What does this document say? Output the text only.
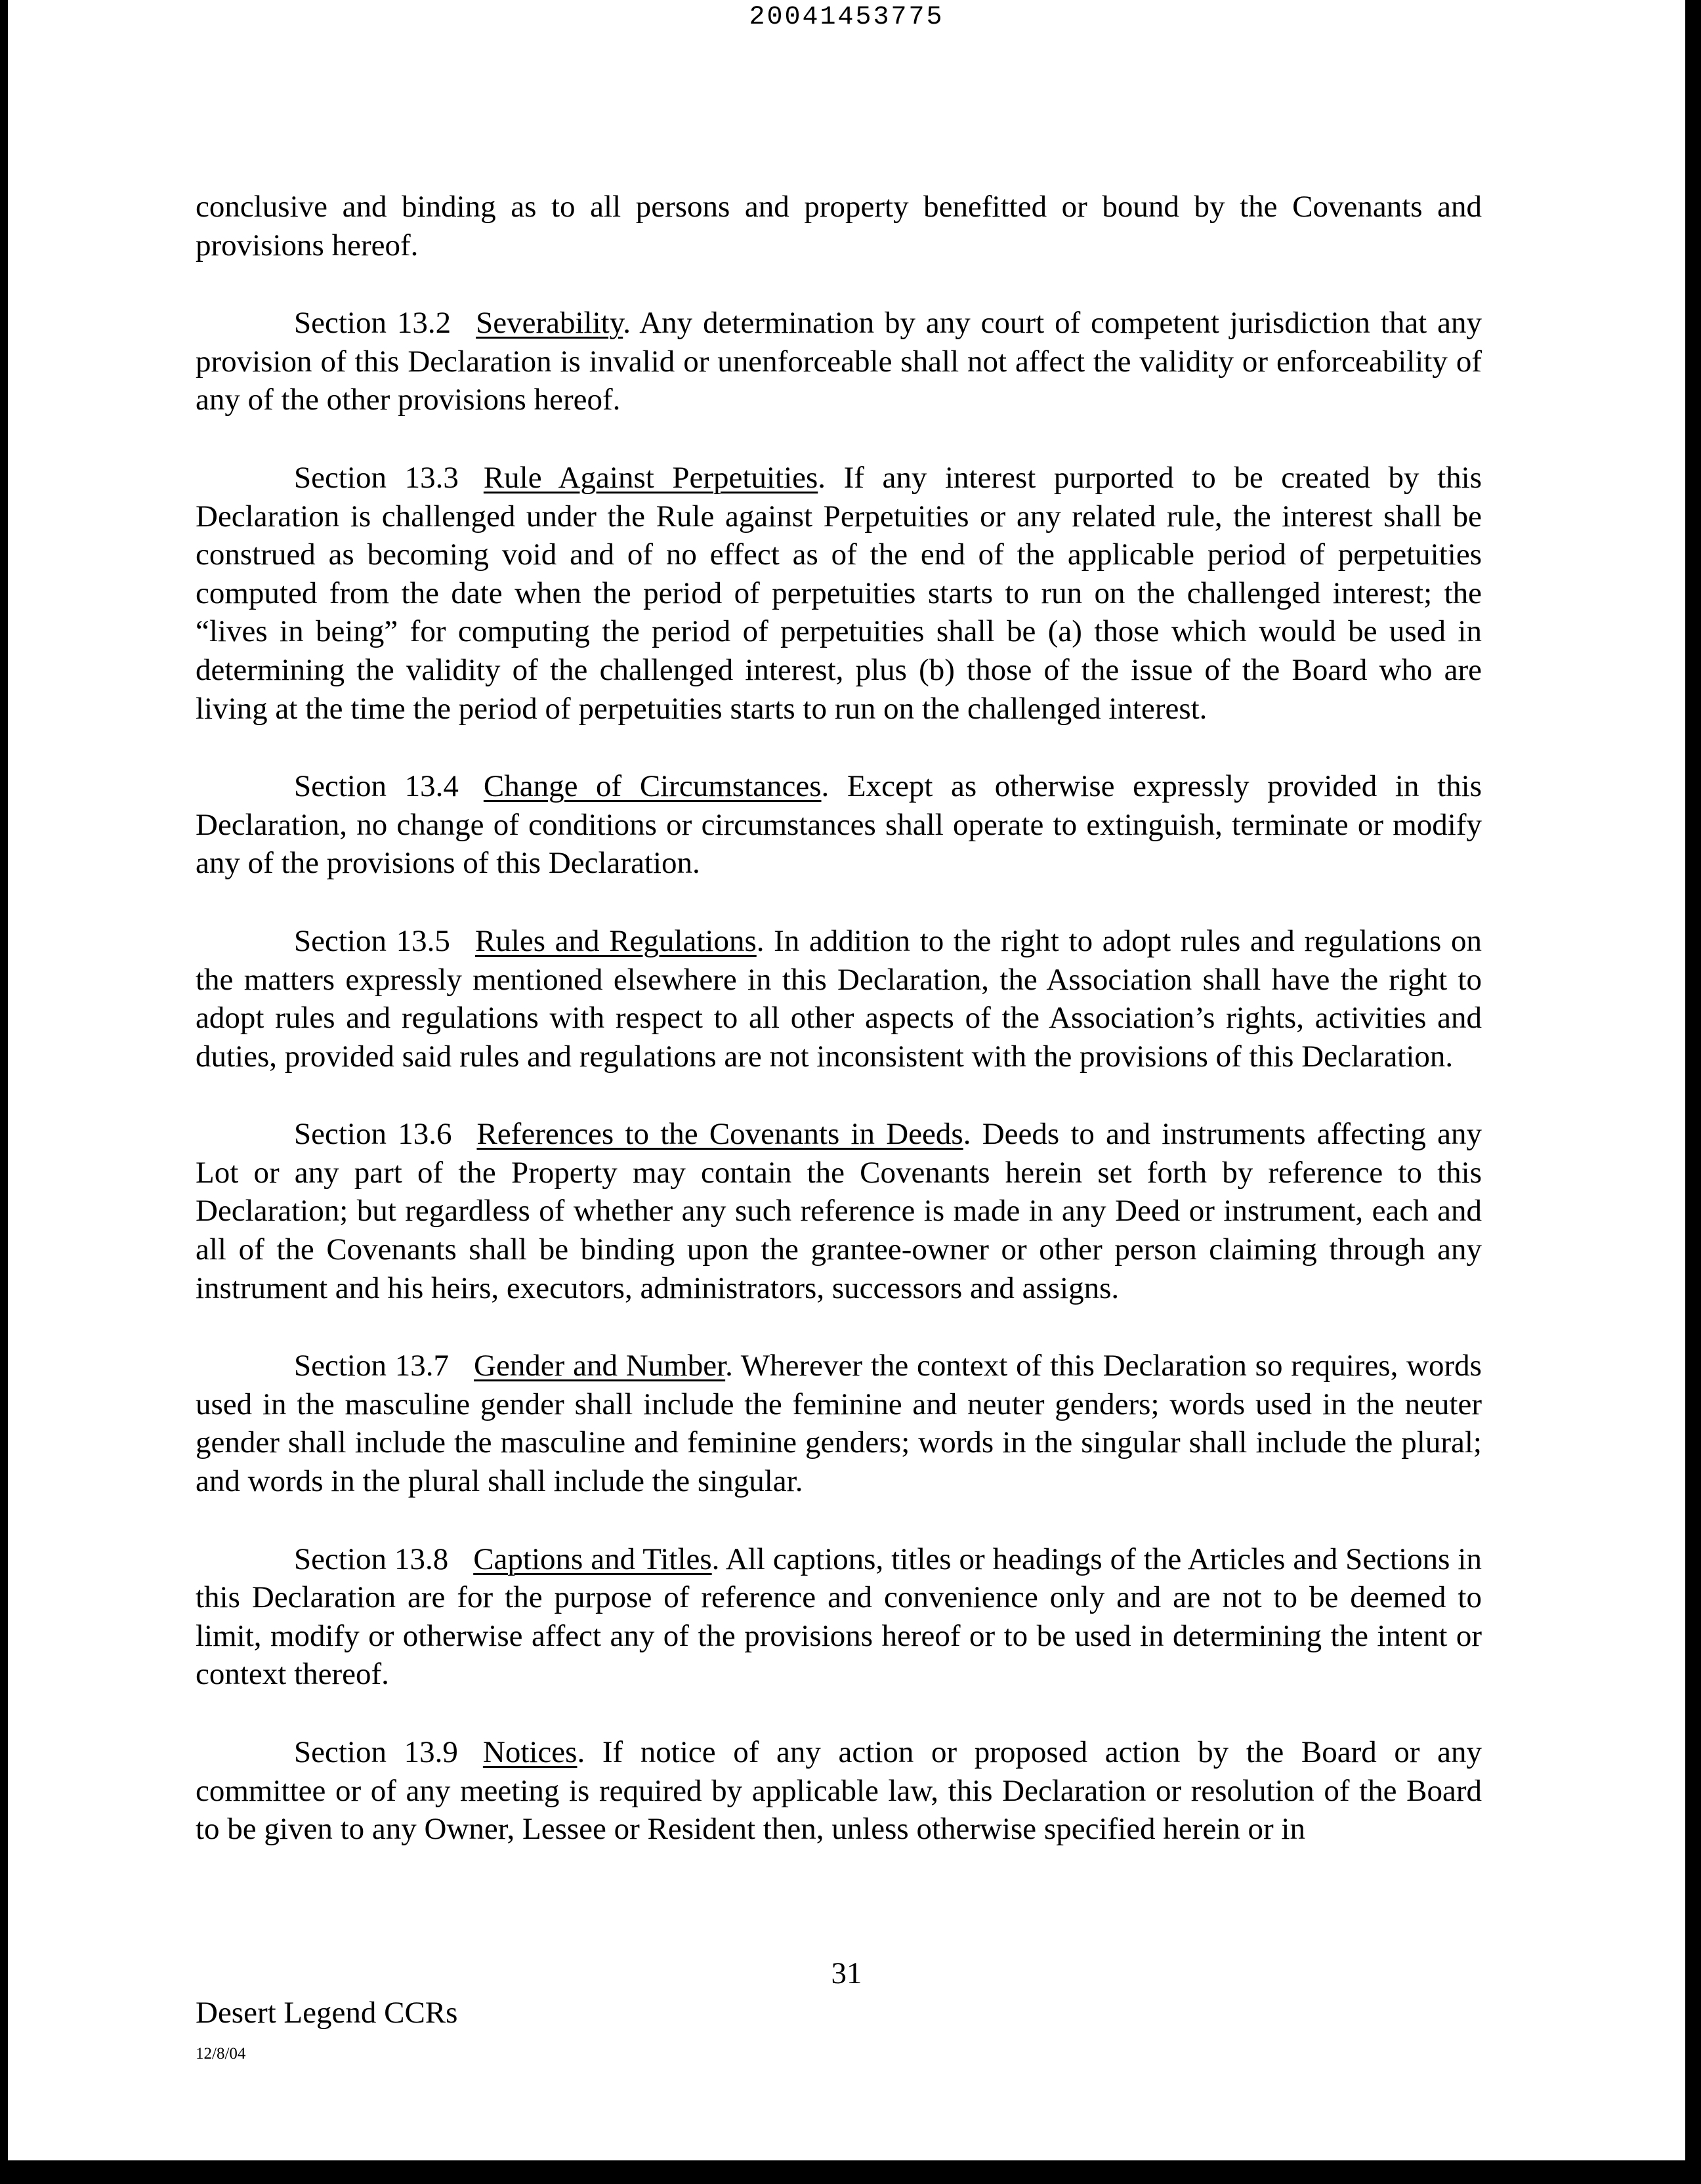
20041453775

conclusive and binding as to all persons and property benefitted or bound by the Covenants and provisions hereof.

Section 13.2 Severability. Any determination by any court of competent jurisdiction that any provision of this Declaration is invalid or unenforceable shall not affect the validity or enforceability of any of the other provisions hereof.

Section 13.3 Rule Against Perpetuities. If any interest purported to be created by this Declaration is challenged under the Rule against Perpetuities or any related rule, the interest shall be construed as becoming void and of no effect as of the end of the applicable period of perpetuities computed from the date when the period of perpetuities starts to run on the challenged interest; the “lives in being” for computing the period of perpetuities shall be (a) those which would be used in determining the validity of the challenged interest, plus (b) those of the issue of the Board who are living at the time the period of perpetuities starts to run on the challenged interest.

Section 13.4 Change of Circumstances. Except as otherwise expressly provided in this Declaration, no change of conditions or circumstances shall operate to extinguish, terminate or modify any of the provisions of this Declaration.

Section 13.5 Rules and Regulations. In addition to the right to adopt rules and regulations on the matters expressly mentioned elsewhere in this Declaration, the Association shall have the right to adopt rules and regulations with respect to all other aspects of the Association’s rights, activities and duties, provided said rules and regulations are not inconsistent with the provisions of this Declaration.

Section 13.6 References to the Covenants in Deeds. Deeds to and instruments affecting any Lot or any part of the Property may contain the Covenants herein set forth by reference to this Declaration; but regardless of whether any such reference is made in any Deed or instrument, each and all of the Covenants shall be binding upon the grantee-owner or other person claiming through any instrument and his heirs, executors, administrators, successors and assigns.

Section 13.7 Gender and Number. Wherever the context of this Declaration so requires, words used in the masculine gender shall include the feminine and neuter genders; words used in the neuter gender shall include the masculine and feminine genders; words in the singular shall include the plural; and words in the plural shall include the singular.

Section 13.8 Captions and Titles. All captions, titles or headings of the Articles and Sections in this Declaration are for the purpose of reference and convenience only and are not to be deemed to limit, modify or otherwise affect any of the provisions hereof or to be used in determining the intent or context thereof.

Section 13.9 Notices. If notice of any action or proposed action by the Board or any committee or of any meeting is required by applicable law, this Declaration or resolution of the Board to be given to any Owner, Lessee or Resident then, unless otherwise specified herein or in

31
Desert Legend CCRs
12/8/04
